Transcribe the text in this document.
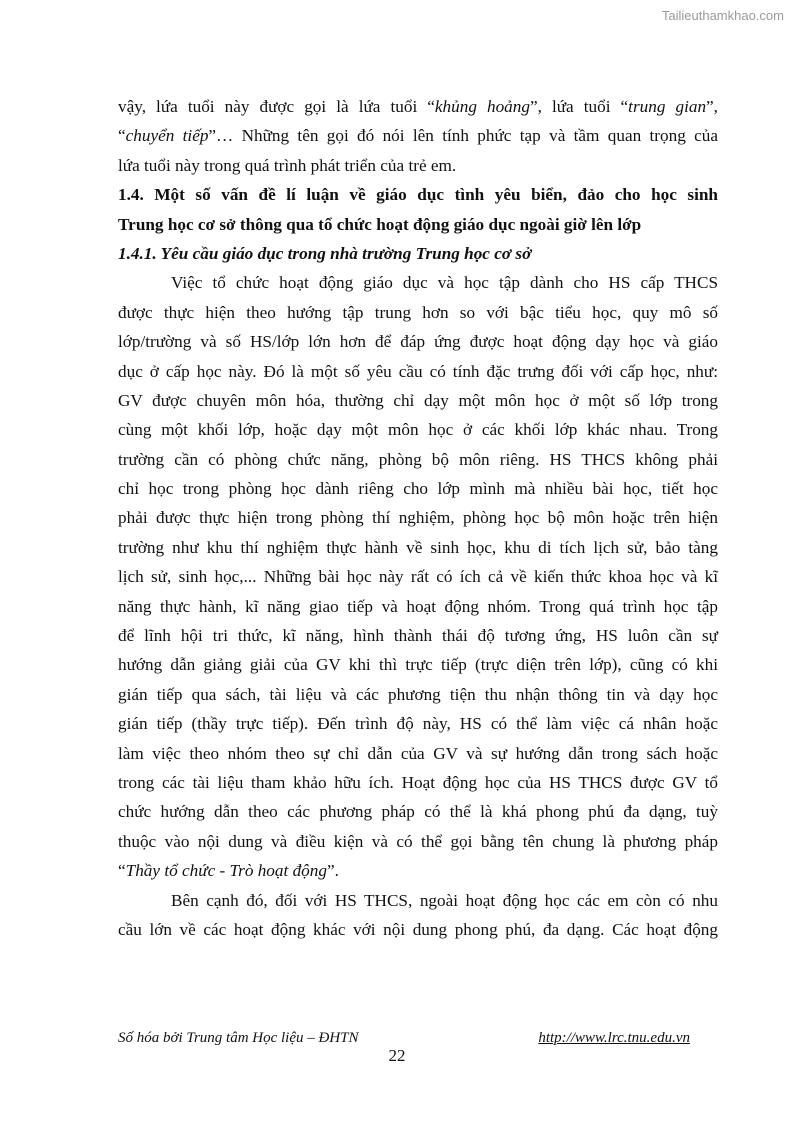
Tailieuthamkhao.com
vậy, lứa tuổi này được gọi là lứa tuổi “khủng hoảng”, lứa tuổi “trung gian”,
“chuyển tiếp”… Những tên gọi đó nói lên tính phức tạp và tầm quan trọng của
lứa tuổi này trong quá trình phát triển của trẻ em.
1.4. Một số vấn đề lí luận về giáo dục tình yêu biển, đảo cho học sinh
Trung học cơ sở thông qua tổ chức hoạt động giáo dục ngoài giờ lên lớp
1.4.1. Yêu cầu giáo dục trong nhà trường Trung học cơ sở
Việc tổ chức hoạt động giáo dục và học tập dành cho HS cấp THCS
được thực hiện theo hướng tập trung hơn so với bậc tiểu học, quy mô số
lớp/trường và số HS/lớp lớn hơn để đáp ứng được hoạt động dạy học và giáo
dục ở cấp học này. Đó là một số yêu cầu có tính đặc trưng đối với cấp học, như:
GV được chuyên môn hóa, thường chỉ dạy một môn học ở một số lớp trong
cùng một khối lớp, hoặc dạy một môn học ở các khối lớp khác nhau. Trong
trường cần có phòng chức năng, phòng bộ môn riêng. HS THCS không phải
chỉ học trong phòng học dành riêng cho lớp mình mà nhiều bài học, tiết học
phải được thực hiện trong phòng thí nghiệm, phòng học bộ môn hoặc trên hiện
trường như khu thí nghiệm thực hành về sinh học, khu di tích lịch sử, bảo tàng
lịch sử, sinh học,... Những bài học này rất có ích cả về kiến thức khoa học và kĩ
năng thực hành, kĩ năng giao tiếp và hoạt động nhóm. Trong quá trình học tập
để lĩnh hội tri thức, kĩ năng, hình thành thái độ tương ứng, HS luôn cần sự
hướng dẫn giảng giải của GV khi thì trực tiếp (trực diện trên lớp), cũng có khi
gián tiếp qua sách, tài liệu và các phương tiện thu nhận thông tin và dạy học
gián tiếp (thầy trực tiếp). Đến trình độ này, HS có thể làm việc cá nhân hoặc
làm việc theo nhóm theo sự chỉ dẫn của GV và sự hướng dẫn trong sách hoặc
trong các tài liệu tham khảo hữu ích. Hoạt động học của HS THCS được GV tổ
chức hướng dẫn theo các phương pháp có thể là khá phong phú đa dạng, tuỳ
thuộc vào nội dung và điều kiện và có thể gọi bằng tên chung là phương pháp
“Thầy tổ chức - Trò hoạt động”.
Bên cạnh đó, đối với HS THCS, ngoài hoạt động học các em còn có nhu
cầu lớn về các hoạt động khác với nội dung phong phú, đa dạng. Các hoạt động
Số hóa bởi Trung tâm Học liệu – ĐHTN	http://www.lrc.tnu.edu.vn
22
